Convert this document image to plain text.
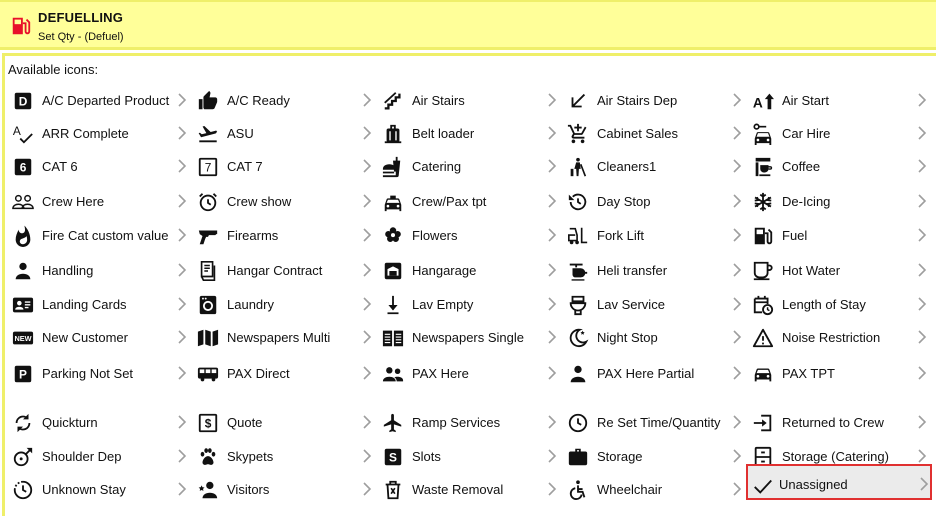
DEFUELLING
Set Qty - (Defuel)
Available icons:
D A/C Departed Product	A/C Ready	Air Stairs	Air Stairs Dep	A Air Start
A ARR Complete	ASU	Belt loader	Cabinet Sales	Car Hire
6 CAT 6	7 CAT 7	Catering	Cleaners1	Coffee
Crew Here	Crew show	Crew/Pax tpt	Day Stop	De-Icing
Fire Cat custom value	Firearms	Flowers	Fork Lift	Fuel
Handling	Hangar Contract	Hangarage	Heli transfer	Hot Water
Landing Cards	Laundry	Lav Empty	Lav Service	Length of Stay
NEW New Customer	Newspapers Multi	Newspapers Single	Night Stop	Noise Restriction
P Parking Not Set	PAX Direct	PAX Here	PAX Here Partial	PAX TPT
Quickturn	$ Quote	Ramp Services	Re Set Time/Quantity	Returned to Crew
Shoulder Dep	Skypets	S Slots	Storage	Storage (Catering)
Unknown Stay	Visitors	Waste Removal	Wheelchair	Unassigned
